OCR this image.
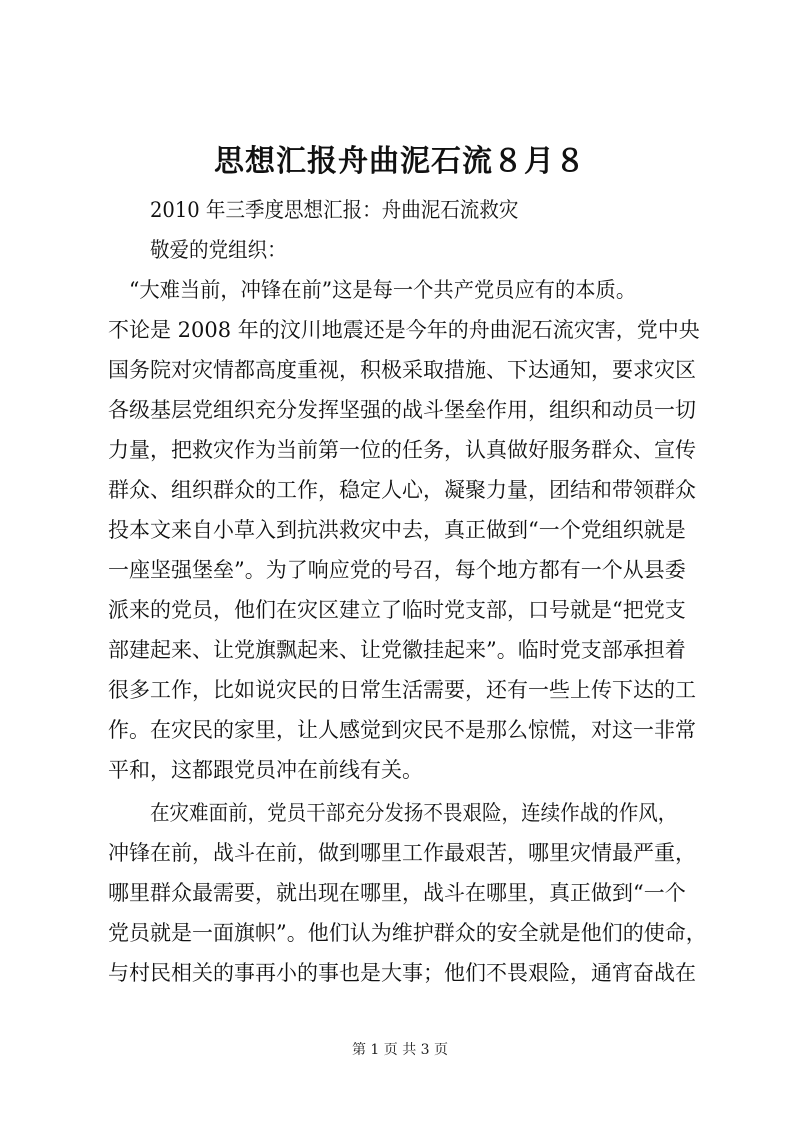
思想汇报舟曲泥石流８月８

2010 年三季度思想汇报：舟曲泥石流救灾

敬爱的党组织：

“大难当前，冲锋在前”这是每一个共产党员应有的本质。

不论是 2008 年的汶川地震还是今年的舟曲泥石流灾害，党中央

国务院对灾情都高度重视，积极采取措施、下达通知，要求灾区

各级基层党组织充分发挥坚强的战斗堡垒作用，组织和动员一切

力量，把救灾作为当前第一位的任务，认真做好服务群众、宣传

群众、组织群众的工作，稳定人心，凝聚力量，团结和带领群众

投本文来自小草入到抗洪救灾中去，真正做到“一个党组织就是

一座坚强堡垒”。为了响应党的号召，每个地方都有一个从县委

派来的党员，他们在灾区建立了临时党支部，口号就是“把党支

部建起来、让党旗飘起来、让党徽挂起来”。临时党支部承担着

很多工作，比如说灾民的日常生活需要，还有一些上传下达的工

作。在灾民的家里，让人感觉到灾民不是那么惊慌，对这一非常

平和，这都跟党员冲在前线有关。

在灾难面前，党员干部充分发扬不畏艰险，连续作战的作风，

冲锋在前，战斗在前，做到哪里工作最艰苦，哪里灾情最严重，

哪里群众最需要，就出现在哪里，战斗在哪里，真正做到“一个

党员就是一面旗帜”。他们认为维护群众的安全就是他们的使命，

与村民相关的事再小的事也是大事；他们不畏艰险，通宵奋战在

第 1 页 共 3 页
